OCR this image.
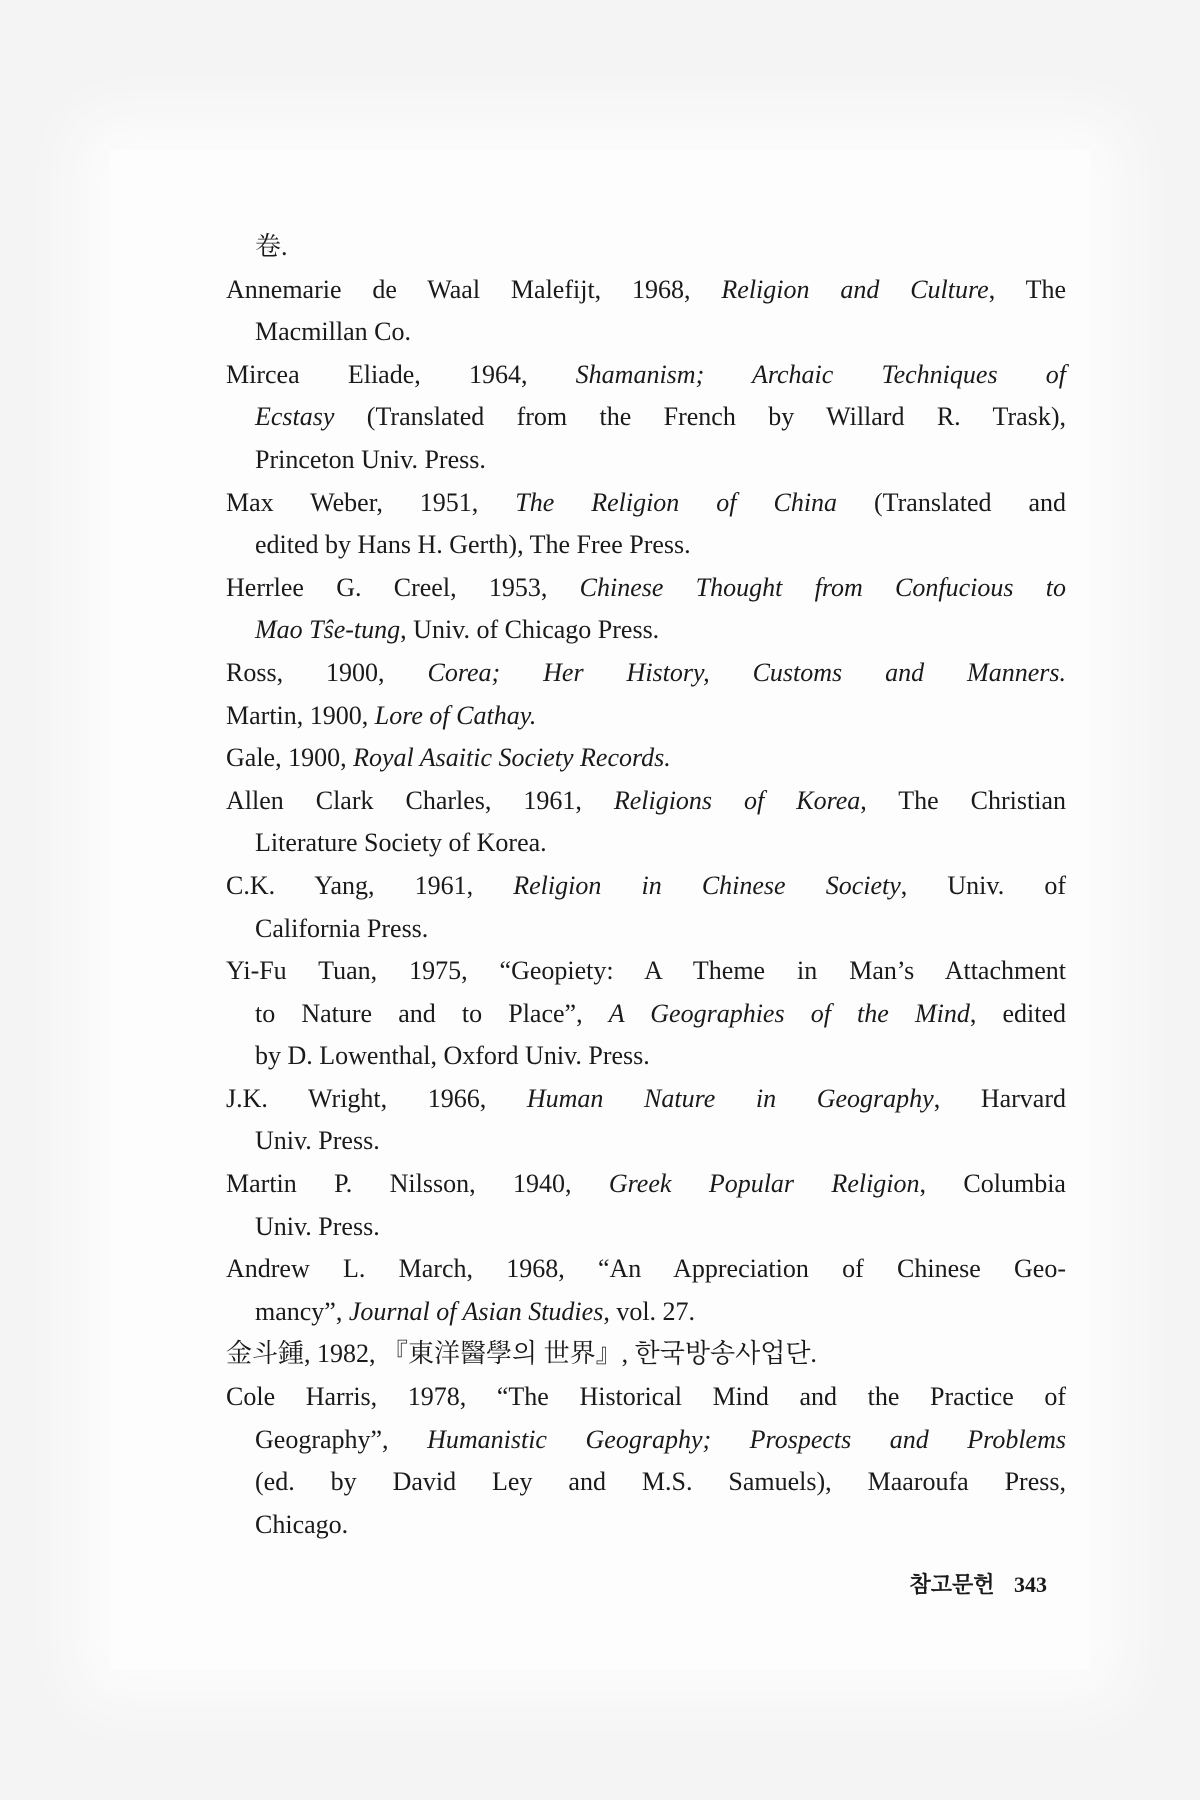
卷.
Annemarie de Waal Malefijt, 1968, Religion and Culture, The
Macmillan Co.
Mircea Eliade, 1964, Shamanism; Archaic Techniques of
Ecstasy (Translated from the French by Willard R. Trask),
Princeton Univ. Press.
Max Weber, 1951, The Religion of China (Translated and
edited by Hans H. Gerth), The Free Press.
Herrlee G. Creel, 1953, Chinese Thought from Confucious to
Mao Tŝe-tung, Univ. of Chicago Press.
Ross, 1900, Corea; Her History, Customs and Manners.
Martin, 1900, Lore of Cathay.
Gale, 1900, Royal Asaitic Society Records.
Allen Clark Charles, 1961, Religions of Korea, The Christian
Literature Society of Korea.
C.K. Yang, 1961, Religion in Chinese Society, Univ. of
California Press.
Yi-Fu Tuan, 1975, “Geopiety: A Theme in Man’s Attachment
to Nature and to Place”, A Geographies of the Mind, edited
by D. Lowenthal, Oxford Univ. Press.
J.K. Wright, 1966, Human Nature in Geography, Harvard
Univ. Press.
Martin P. Nilsson, 1940, Greek Popular Religion, Columbia
Univ. Press.
Andrew L. March, 1968, “An Appreciation of Chinese Geo-
mancy”, Journal of Asian Studies, vol. 27.
金斗鍾, 1982, 『東洋醫學의 世界』, 한국방송사업단.
Cole Harris, 1978, “The Historical Mind and the Practice of
Geography”, Humanistic Geography; Prospects and Problems
(ed. by David Ley and M.S. Samuels), Maaroufa Press,
Chicago.
참고문헌 343
